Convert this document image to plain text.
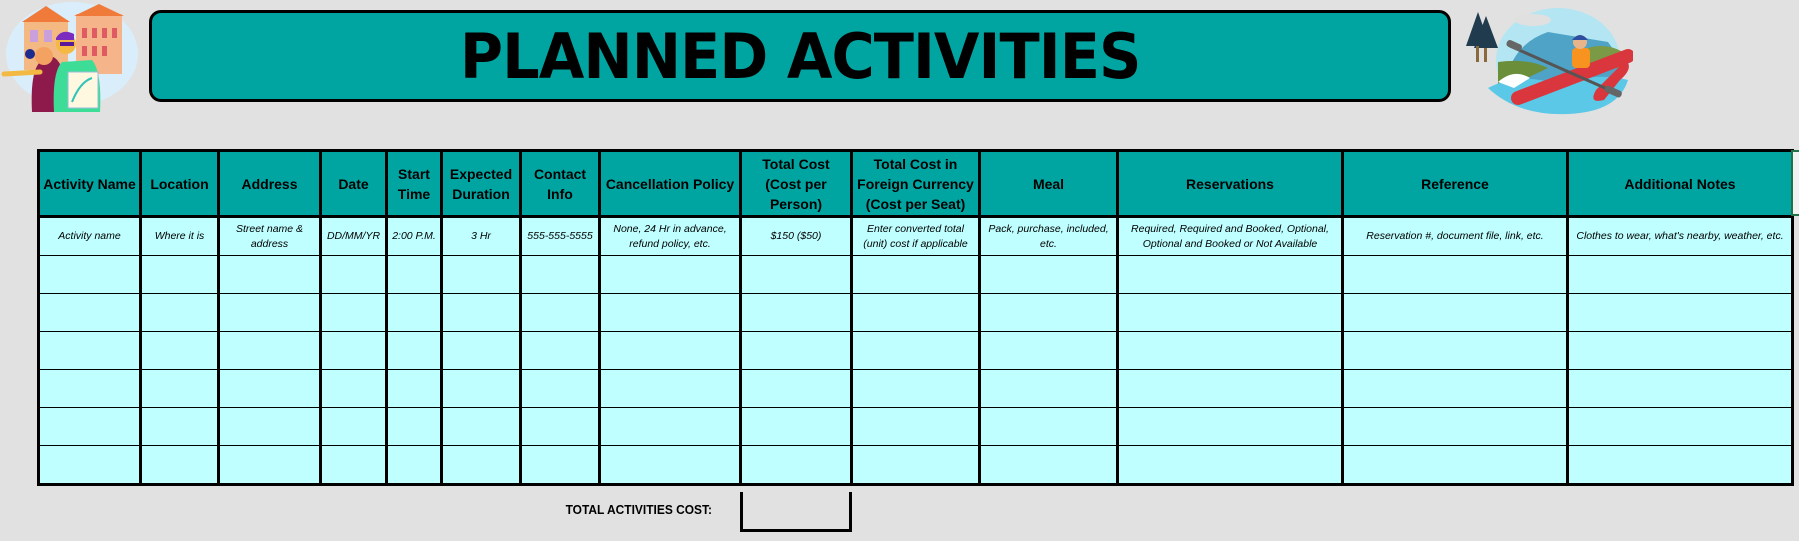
PLANNED ACTIVITIES
Activity Name	Location	Address	Date	Start Time	Expected Duration	Contact Info	Cancellation Policy	Total Cost (Cost per Person)	Total Cost in Foreign Currency (Cost per Seat)	Meal	Reservations	Reference	Additional Notes
Activity name	Where it is	Street name & address	DD/MM/YR	2:00 P.M.	3 Hr	555-555-5555	None, 24 Hr in advance, refund policy, etc.	$150 ($50)	Enter converted total (unit) cost if applicable	Pack, purchase, included, etc.	Required, Required and Booked, Optional, Optional and Booked or Not Available	Reservation #, document file, link, etc.	Clothes to wear, what's nearby, weather, etc.

TOTAL ACTIVITIES COST:
